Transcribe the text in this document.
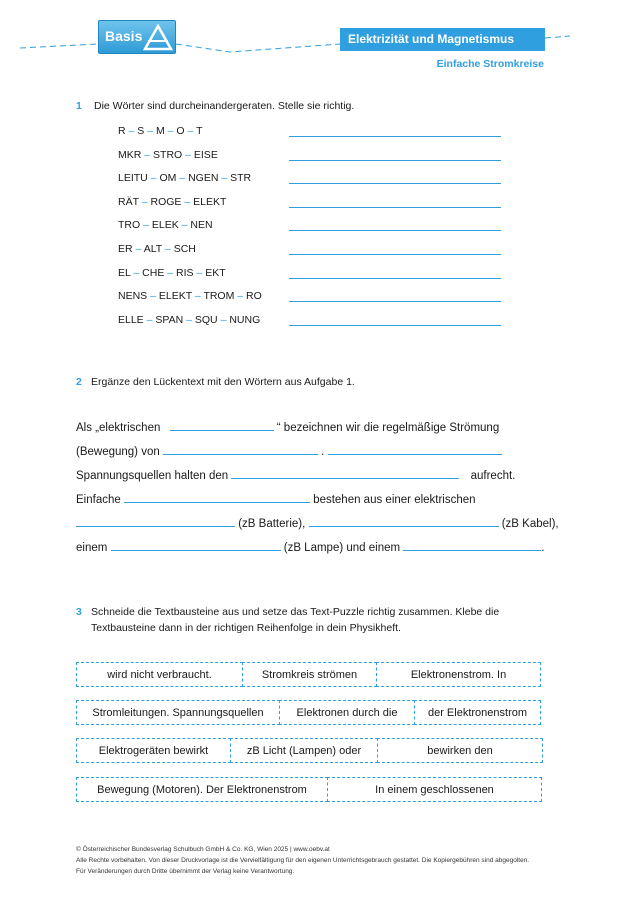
Basis	Elektrizität und Magnetismus
Einfache Stromkreise
1 Die Wörter sind durcheinandergeraten. Stelle sie richtig.
R – S – M – O – T
MKR – STRO – EISE
LEITU – OM – NGEN – STR
RÄT – ROGE – ELEKT
TRO – ELEK – NEN
ER – ALT – SCH
EL – CHE – RIS – EKT
NENS – ELEKT – TROM – RO
ELLE – SPAN – SQU – NUNG
2 Ergänze den Lückentext mit den Wörtern aus Aufgabe 1.
Als „elektrischen	“ bezeichnen wir die regelmäßige Strömung
(Bewegung) von	.
Spannungsquellen halten den	aufrecht.
Einfache	bestehen aus einer elektrischen
(zB Batterie),	(zB Kabel),
einem	(zB Lampe) und einem	.
3 Schneide die Textbausteine aus und setze das Text-Puzzle richtig zusammen. Klebe die
Textbausteine dann in der richtigen Reihenfolge in dein Physikheft.
wird nicht verbraucht.	Stromkreis strömen	Elektronenstrom. In
Stromleitungen. Spannungsquellen	Elektronen durch die	der Elektronenstrom
Elektrogeräten bewirkt	zB Licht (Lampen) oder	bewirken den
Bewegung (Motoren). Der Elektronenstrom	In einem geschlossenen
© Österreichischer Bundesverlag Schulbuch GmbH & Co. KG, Wien 2025 | www.oebv.at
Alle Rechte vorbehalten. Von dieser Druckvorlage ist die Vervielfältigung für den eigenen Unterrichtsgebrauch gestattet. Die Kopiergebühren sind abgegolten.
Für Veränderungen durch Dritte übernimmt der Verlag keine Verantwortung.
